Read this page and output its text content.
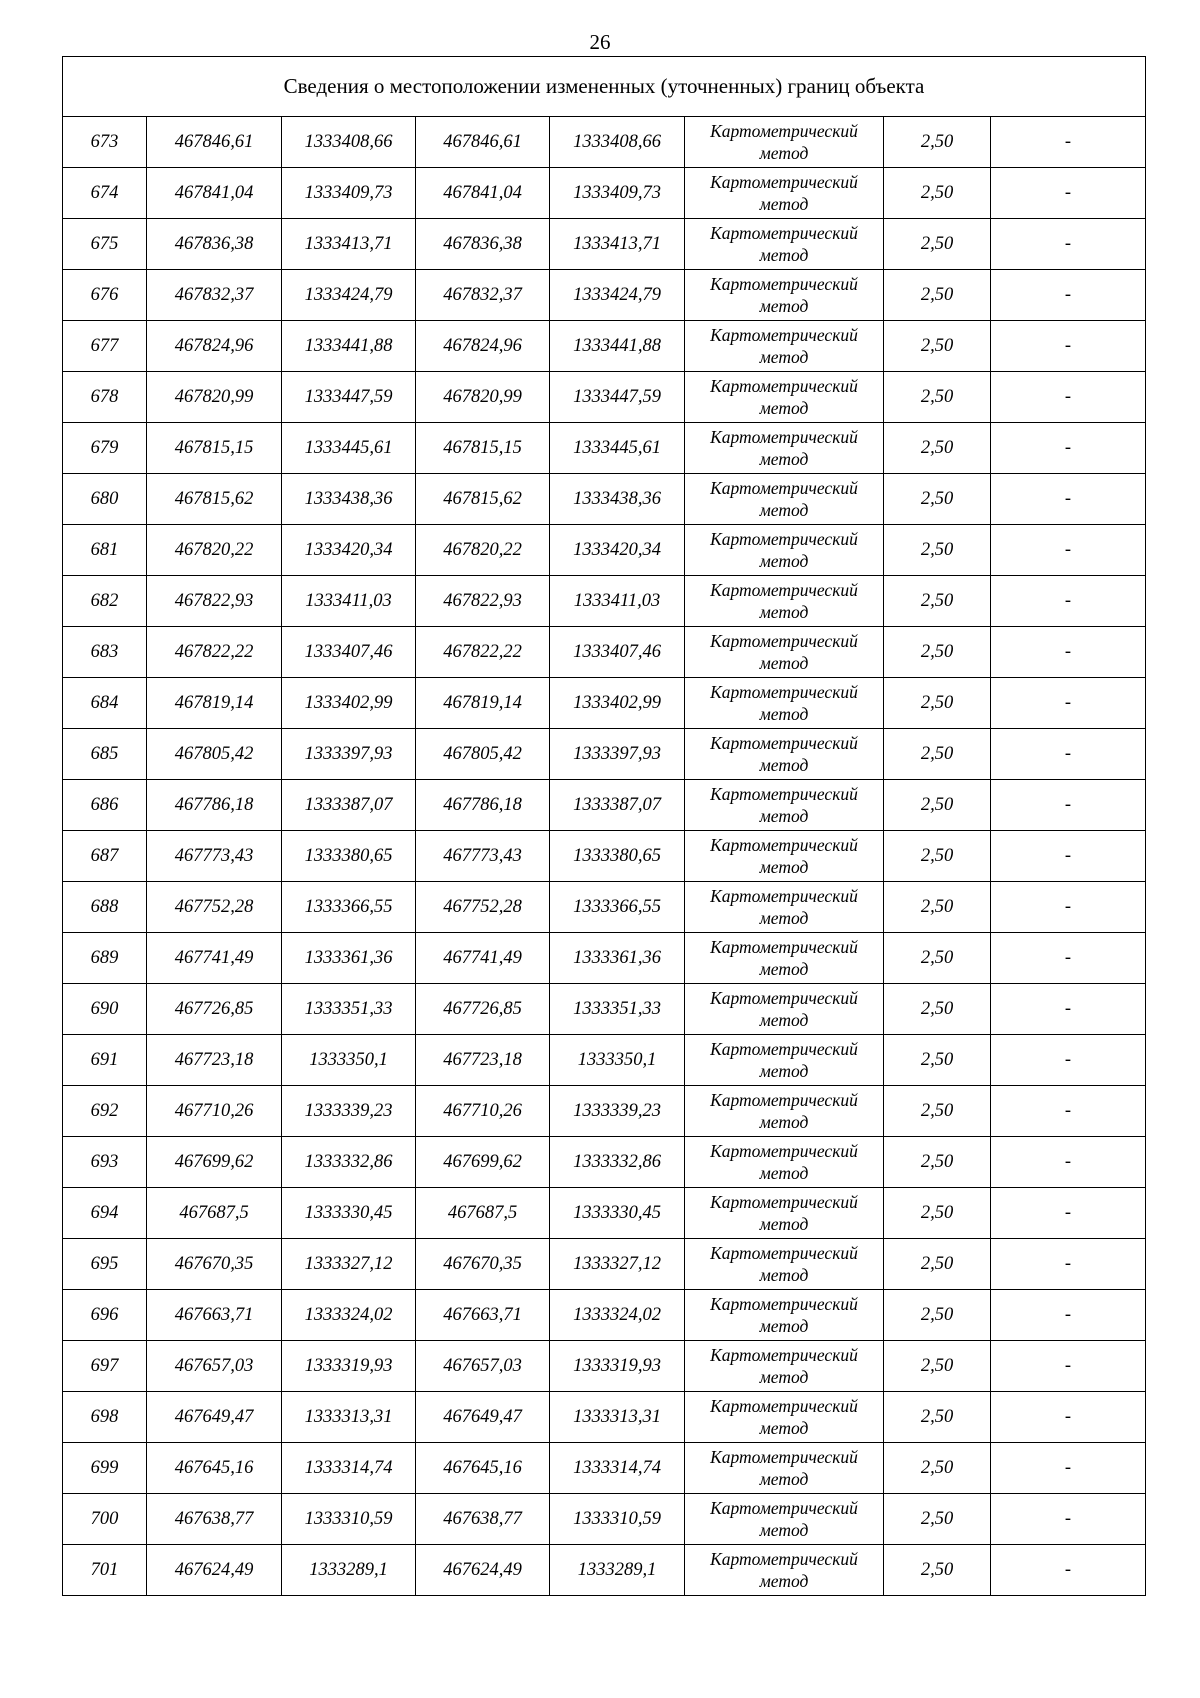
26
Сведения о местоположении измененных (уточненных) границ объекта							
673	467846,61	1333408,66	467846,61	1333408,66	Картометрический метод	2,50	-
674	467841,04	1333409,73	467841,04	1333409,73	Картометрический метод	2,50	-
675	467836,38	1333413,71	467836,38	1333413,71	Картометрический метод	2,50	-
676	467832,37	1333424,79	467832,37	1333424,79	Картометрический метод	2,50	-
677	467824,96	1333441,88	467824,96	1333441,88	Картометрический метод	2,50	-
678	467820,99	1333447,59	467820,99	1333447,59	Картометрический метод	2,50	-
679	467815,15	1333445,61	467815,15	1333445,61	Картометрический метод	2,50	-
680	467815,62	1333438,36	467815,62	1333438,36	Картометрический метод	2,50	-
681	467820,22	1333420,34	467820,22	1333420,34	Картометрический метод	2,50	-
682	467822,93	1333411,03	467822,93	1333411,03	Картометрический метод	2,50	-
683	467822,22	1333407,46	467822,22	1333407,46	Картометрический метод	2,50	-
684	467819,14	1333402,99	467819,14	1333402,99	Картометрический метод	2,50	-
685	467805,42	1333397,93	467805,42	1333397,93	Картометрический метод	2,50	-
686	467786,18	1333387,07	467786,18	1333387,07	Картометрический метод	2,50	-
687	467773,43	1333380,65	467773,43	1333380,65	Картометрический метод	2,50	-
688	467752,28	1333366,55	467752,28	1333366,55	Картометрический метод	2,50	-
689	467741,49	1333361,36	467741,49	1333361,36	Картометрический метод	2,50	-
690	467726,85	1333351,33	467726,85	1333351,33	Картометрический метод	2,50	-
691	467723,18	1333350,1	467723,18	1333350,1	Картометрический метод	2,50	-
692	467710,26	1333339,23	467710,26	1333339,23	Картометрический метод	2,50	-
693	467699,62	1333332,86	467699,62	1333332,86	Картометрический метод	2,50	-
694	467687,5	1333330,45	467687,5	1333330,45	Картометрический метод	2,50	-
695	467670,35	1333327,12	467670,35	1333327,12	Картометрический метод	2,50	-
696	467663,71	1333324,02	467663,71	1333324,02	Картометрический метод	2,50	-
697	467657,03	1333319,93	467657,03	1333319,93	Картометрический метод	2,50	-
698	467649,47	1333313,31	467649,47	1333313,31	Картометрический метод	2,50	-
699	467645,16	1333314,74	467645,16	1333314,74	Картометрический метод	2,50	-
700	467638,77	1333310,59	467638,77	1333310,59	Картометрический метод	2,50	-
701	467624,49	1333289,1	467624,49	1333289,1	Картометрический метод	2,50	-
